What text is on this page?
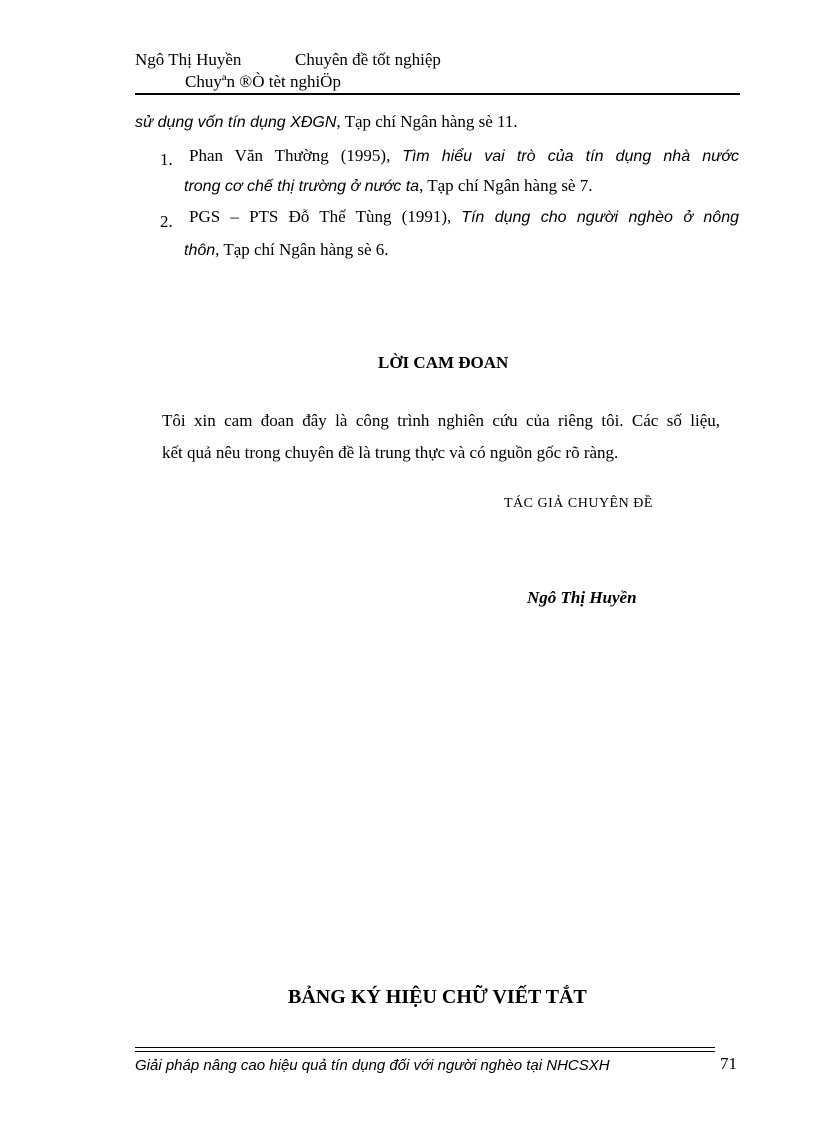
Ngô Thị Huyền	Chuyên đề tốt nghiệp
Chuyªn ®Ò tèt nghiÖp
sử dụng vốn tín dụng XĐGN, Tạp chí Ngân hàng sè 11.
1. Phan Văn Thường (1995), Tìm hiểu vai trò của tín dụng nhà nước
trong cơ chế thị trường ở nước ta, Tạp chí Ngân hàng sè 7.
2. PGS – PTS Đỗ Thế Tùng (1991), Tín dụng cho người nghèo ở nông
thôn, Tạp chí Ngân hàng sè 6.
LỜI CAM ĐOAN
Tôi xin cam đoan đây là công trình nghiên cứu của riêng tôi. Các số liệu,
kết quả nêu trong chuyên đề là trung thực và có nguồn gốc rõ ràng.
TÁC GIẢ CHUYÊN ĐỀ
Ngô Thị Huyền
BẢNG KÝ HIỆU CHỮ VIẾT TẮT
Giải pháp nâng cao hiệu quả tín dụng đối với người nghèo tại NHCSXH	71
